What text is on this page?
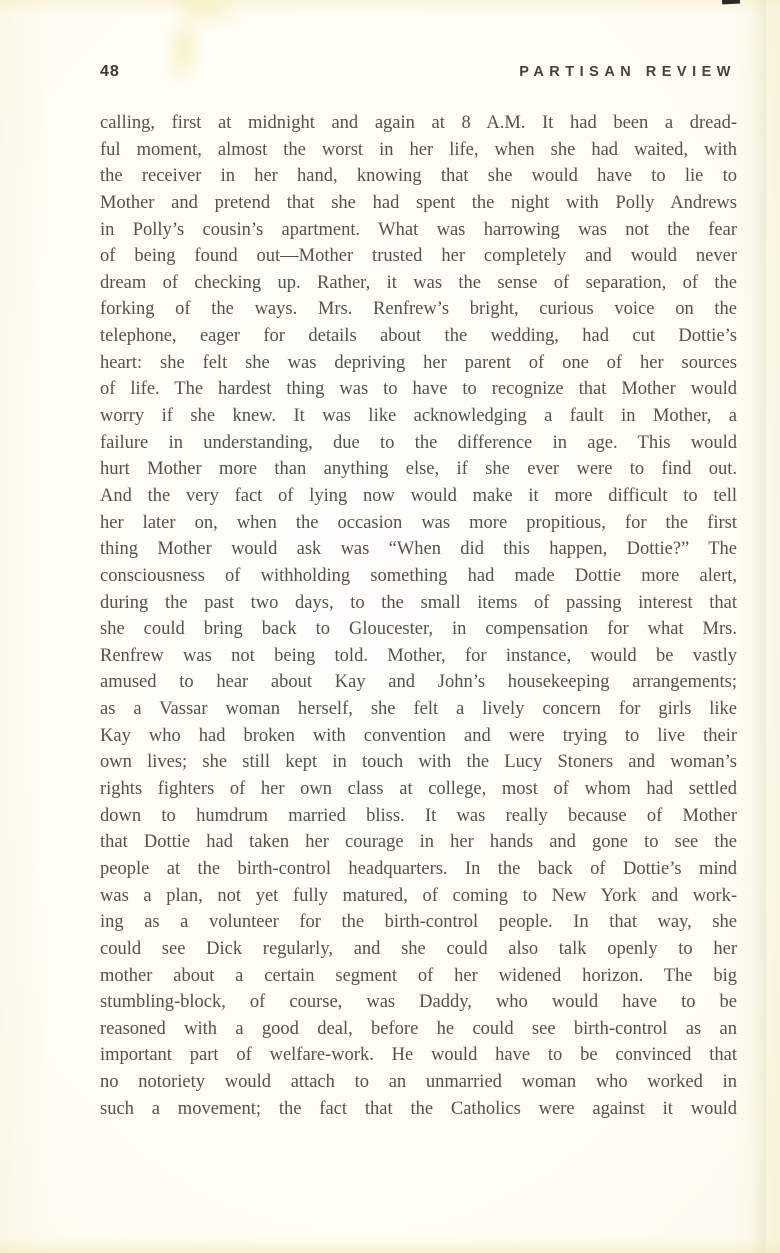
48	PARTISAN REVIEW
calling, first at midnight and again at 8 A.M. It had been a dread-
ful moment, almost the worst in her life, when she had waited, with
the receiver in her hand, knowing that she would have to lie to
Mother and pretend that she had spent the night with Polly Andrews
in Polly’s cousin’s apartment. What was harrowing was not the fear
of being found out—Mother trusted her completely and would never
dream of checking up. Rather, it was the sense of separation, of the
forking of the ways. Mrs. Renfrew’s bright, curious voice on the
telephone, eager for details about the wedding, had cut Dottie’s
heart: she felt she was depriving her parent of one of her sources
of life. The hardest thing was to have to recognize that Mother would
worry if she knew. It was like acknowledging a fault in Mother, a
failure in understanding, due to the difference in age. This would
hurt Mother more than anything else, if she ever were to find out.
And the very fact of lying now would make it more difficult to tell
her later on, when the occasion was more propitious, for the first
thing Mother would ask was “When did this happen, Dottie?” The
consciousness of withholding something had made Dottie more alert,
during the past two days, to the small items of passing interest that
she could bring back to Gloucester, in compensation for what Mrs.
Renfrew was not being told. Mother, for instance, would be vastly
amused to hear about Kay and John’s housekeeping arrangements;
as a Vassar woman herself, she felt a lively concern for girls like
Kay who had broken with convention and were trying to live their
own lives; she still kept in touch with the Lucy Stoners and woman’s
rights fighters of her own class at college, most of whom had settled
down to humdrum married bliss. It was really because of Mother
that Dottie had taken her courage in her hands and gone to see the
people at the birth-control headquarters. In the back of Dottie’s mind
was a plan, not yet fully matured, of coming to New York and work-
ing as a volunteer for the birth-control people. In that way, she
could see Dick regularly, and she could also talk openly to her
mother about a certain segment of her widened horizon. The big
stumbling-block, of course, was Daddy, who would have to be
reasoned with a good deal, before he could see birth-control as an
important part of welfare-work. He would have to be convinced that
no notoriety would attach to an unmarried woman who worked in
such a movement; the fact that the Catholics were against it would
